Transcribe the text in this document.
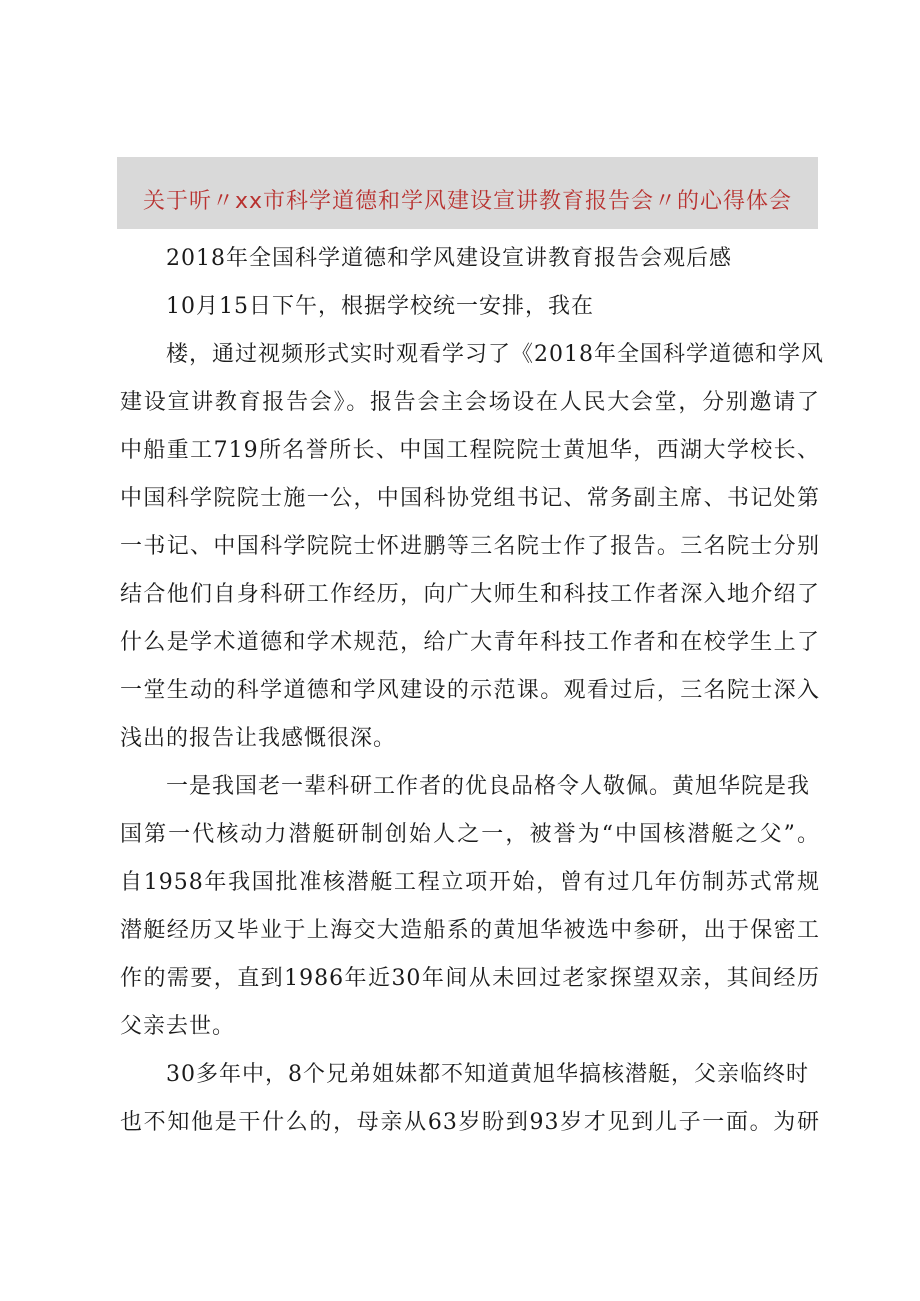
关于听〃xx市科学道德和学风建设宣讲教育报告会〃的心得体会
2018年全国科学道德和学风建设宣讲教育报告会观后感
10月15日下午，根据学校统一安排，我在
楼，通过视频形式实时观看学习了《2018年全国科学道德和学风
建设宣讲教育报告会》。报告会主会场设在人民大会堂，分别邀请了
中船重工719所名誉所长、中国工程院院士黄旭华，西湖大学校长、
中国科学院院士施一公，中国科协党组书记、常务副主席、书记处第
一书记、中国科学院院士怀进鹏等三名院士作了报告。三名院士分别
结合他们自身科研工作经历，向广大师生和科技工作者深入地介绍了
什么是学术道德和学术规范，给广大青年科技工作者和在校学生上了
一堂生动的科学道德和学风建设的示范课。观看过后，三名院士深入
浅出的报告让我感慨很深。
一是我国老一辈科研工作者的优良品格令人敬佩。黄旭华院是我
国第一代核动力潜艇研制创始人之一，被誉为“中国核潜艇之父”。
自1958年我国批准核潜艇工程立项开始，曾有过几年仿制苏式常规
潜艇经历又毕业于上海交大造船系的黄旭华被选中参研，出于保密工
作的需要，直到1986年近30年间从未回过老家探望双亲，其间经历
父亲去世。
30多年中，8个兄弟姐妹都不知道黄旭华搞核潜艇，父亲临终时
也不知他是干什么的，母亲从63岁盼到93岁才见到儿子一面。为研
